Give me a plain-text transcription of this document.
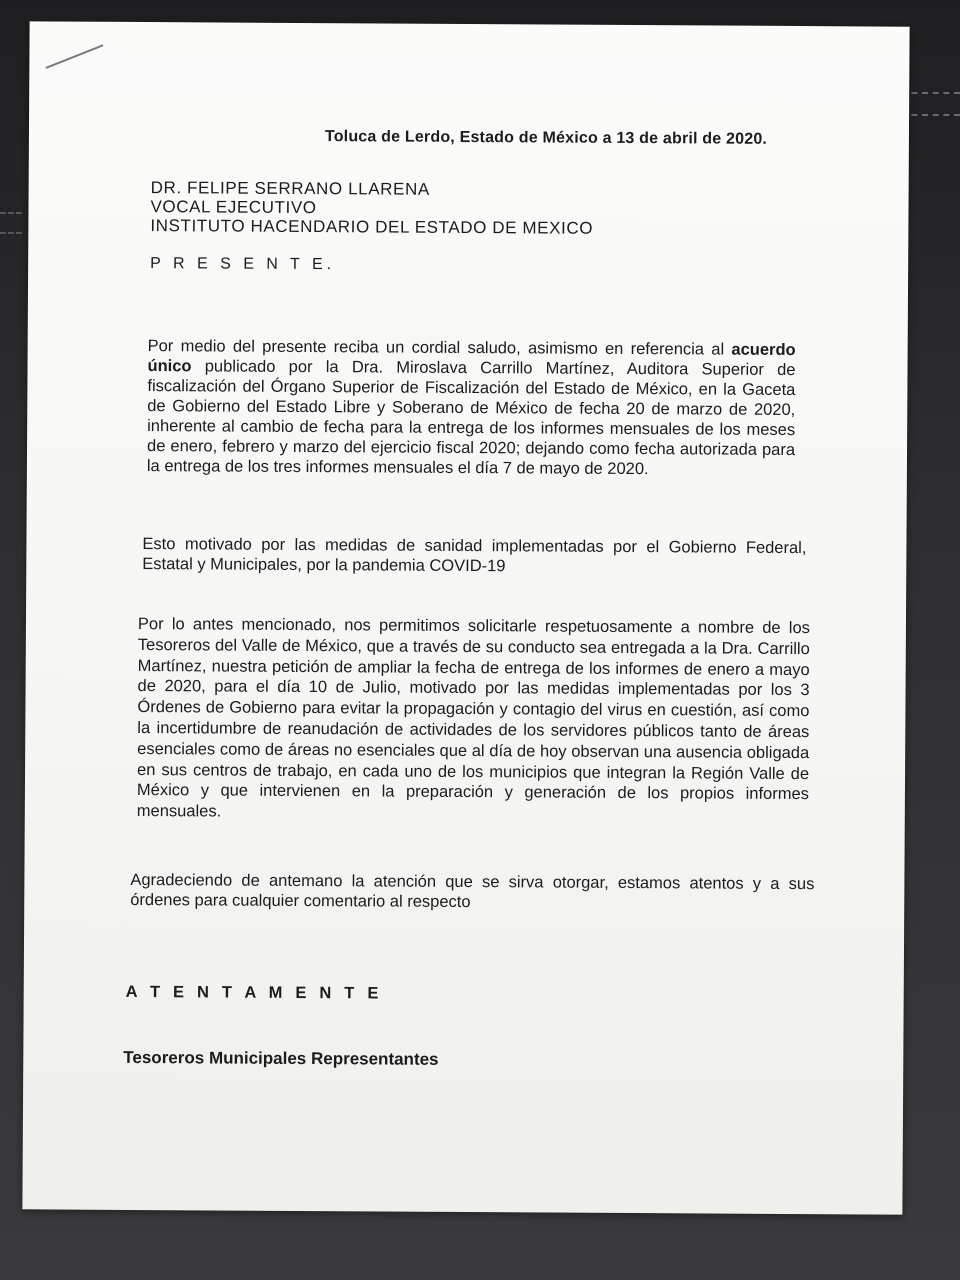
Toluca de Lerdo, Estado de México a 13 de abril de 2020.
DR. FELIPE SERRANO LLARENA
VOCAL EJECUTIVO
INSTITUTO HACENDARIO DEL ESTADO DE MEXICO
P R E S E N T E.
Por medio del presente reciba un cordial saludo, asimismo en referencia al acuerdo único publicado por la Dra. Miroslava Carrillo Martínez, Auditora Superior de fiscalización del Órgano Superior de Fiscalización del Estado de México, en la Gaceta de Gobierno del Estado Libre y Soberano de México de fecha 20 de marzo de 2020, inherente al cambio de fecha para la entrega de los informes mensuales de los meses de enero, febrero y marzo del ejercicio fiscal 2020; dejando como fecha autorizada para la entrega de los tres informes mensuales el día 7 de mayo de 2020.
Esto motivado por las medidas de sanidad implementadas por el Gobierno Federal, Estatal y Municipales, por la pandemia COVID-19
Por lo antes mencionado, nos permitimos solicitarle respetuosamente a nombre de los Tesoreros del Valle de México, que a través de su conducto sea entregada a la Dra. Carrillo Martínez, nuestra petición de ampliar la fecha de entrega de los informes de enero a mayo de 2020, para el día 10 de Julio, motivado por las medidas implementadas por los 3 Órdenes de Gobierno para evitar la propagación y contagio del virus en cuestión, así como la incertidumbre de reanudación de actividades de los servidores públicos tanto de áreas esenciales como de áreas no esenciales que al día de hoy observan una ausencia obligada en sus centros de trabajo, en cada uno de los municipios que integran la Región Valle de México y que intervienen en la preparación y generación de los propios informes mensuales.
Agradeciendo de antemano la atención que se sirva otorgar, estamos atentos y a sus órdenes para cualquier comentario al respecto
A T E N T A M E N T E
Tesoreros Municipales Representantes
